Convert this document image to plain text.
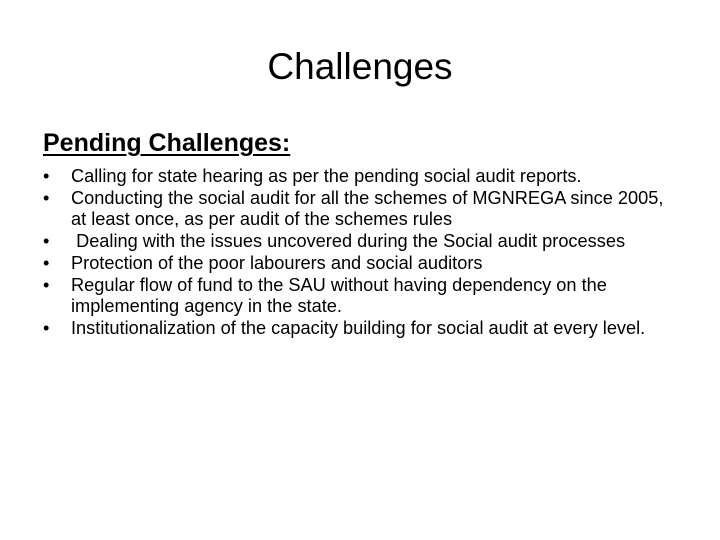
Challenges

Pending Challenges:

•	Calling for state hearing as per the pending social audit reports.
•	Conducting the social audit for all the schemes of MGNREGA since 2005, at least once, as per audit of the schemes rules
•	Dealing with the issues uncovered during the Social audit processes
•	Protection of the poor labourers and social auditors
•	Regular flow of fund to the SAU without having dependency on the implementing agency in the state.
•	Institutionalization of the capacity building for social audit at every level.
